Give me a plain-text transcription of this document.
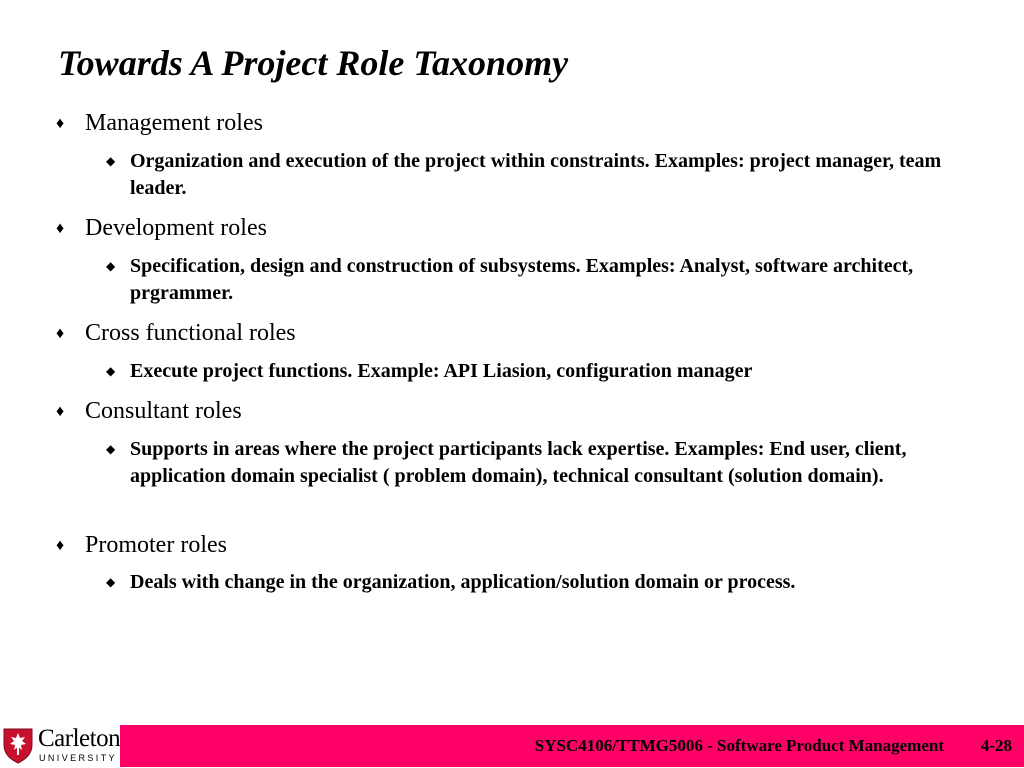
Towards A Project Role Taxonomy
♦ Management roles
◆ Organization and execution of the project within constraints. Examples: project manager, team leader.
♦ Development roles
◆ Specification, design and construction of subsystems. Examples: Analyst, software architect, prgrammer.
♦ Cross functional roles
◆ Execute project functions. Example: API Liasion, configuration manager
♦ Consultant roles
◆ Supports in areas where the project participants lack expertise. Examples: End user, client, application domain specialist ( problem domain), technical consultant (solution domain).
♦ Promoter roles
◆ Deals with change in the organization, application/solution domain or process.
Carleton
UNIVERSITY
SYSC4106/TTMG5006 - Software Product Management 4-28
